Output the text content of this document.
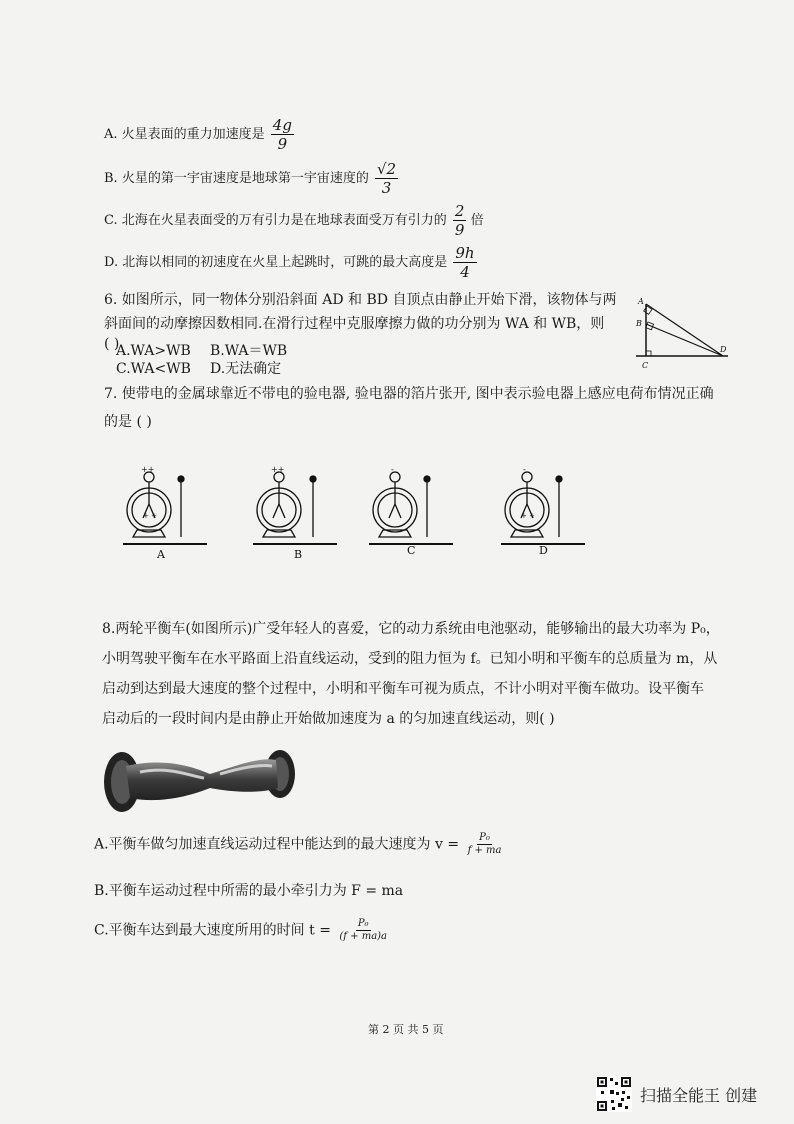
A. 火星表面的重力加速度是 $\frac{4g}{9}$
B. 火星的第一宇宙速度是地球第一宇宙速度的 $\frac{√2}{3}$
C. 北海在火星表面受的万有引力是在地球表面受万有引力的 $\frac{2}{9}$ 倍
D. 北海以相同的初速度在火星上起跳时，可跳的最大高度是 $\frac{9h}{4}$
6. 如图所示，同一物体分别沿斜面 AD 和 BD 自顶点由静止开始下滑，该物体与两
斜面间的动摩擦因数相同.在滑行过程中克服摩擦力做的功分别为 WA 和 WB，则
( )
A.WA>WB B.WA＝WB
C.WA<WB D.无法确定
A
B
C
D
7. 使带电的金属球靠近不带电的验电器, 验电器的箔片张开, 图中表示验电器上感应电荷布情况正确
的是 ( )
++
+ +
A
++
B
-
C
-
+ +
D
8.两轮平衡车(如图所示)广受年轻人的喜爱，它的动力系统由电池驱动，能够输出的最大功率为 P₀，
小明驾驶平衡车在水平路面上沿直线运动，受到的阻力恒为 f。已知小明和平衡车的总质量为 m，从
启动到达到最大速度的整个过程中，小明和平衡车可视为质点，不计小明对平衡车做功。设平衡车
启动后的一段时间内是由静止开始做加速度为 a 的匀加速直线运动，则( )
A.平衡车做匀加速直线运动过程中能达到的最大速度为 $v = \frac{\text{P₀}}{f + ma}$
B.平衡车运动过程中所需的最小牵引力为 F = ma
C.平衡车达到最大速度所用的时间 $t = \frac{\text{P₀}}{(f + ma)a}$
第 2 页 共 5 页
扫描全能王 创建
